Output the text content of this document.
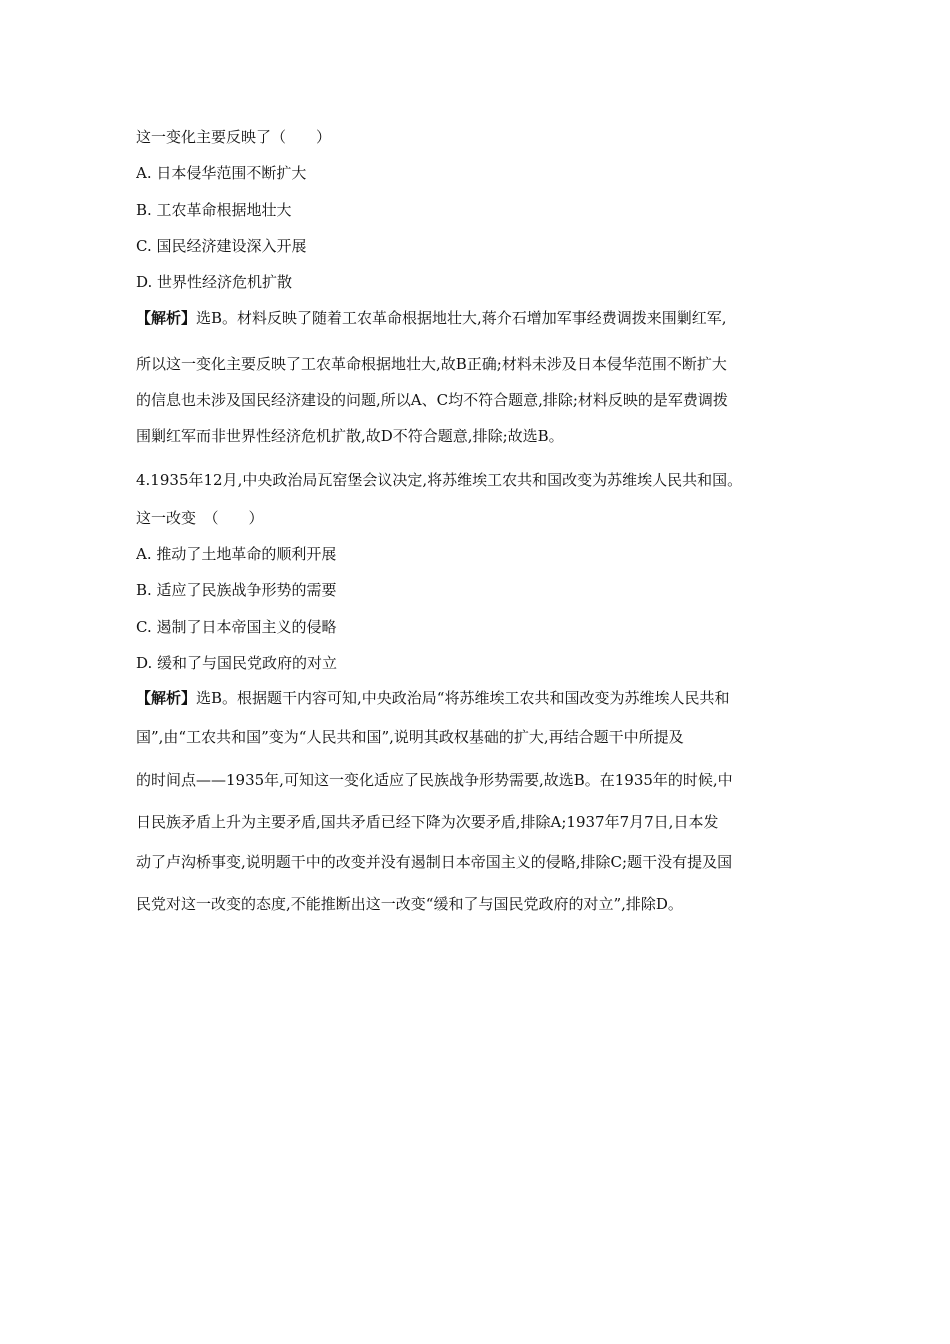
这一变化主要反映了（　　）
A. 日本侵华范围不断扩大
B. 工农革命根据地壮大
C. 国民经济建设深入开展
D. 世界性经济危机扩散
【解析】选B。材料反映了随着工农革命根据地壮大,蒋介石增加军事经费调拨来围剿红军,
所以这一变化主要反映了工农革命根据地壮大,故B正确;材料未涉及日本侵华范围不断扩大
的信息也未涉及国民经济建设的问题,所以A、C均不符合题意,排除;材料反映的是军费调拨
围剿红军而非世界性经济危机扩散,故D不符合题意,排除;故选B。
4.1935年12月,中央政治局瓦窑堡会议决定,将苏维埃工农共和国改变为苏维埃人民共和国。
这一改变　（　　）
A. 推动了土地革命的顺利开展
B. 适应了民族战争形势的需要
C. 遏制了日本帝国主义的侵略
D. 缓和了与国民党政府的对立
【解析】选B。根据题干内容可知,中央政治局“将苏维埃工农共和国改变为苏维埃人民共和
国”,由“工农共和国”变为“人民共和国”,说明其政权基础的扩大,再结合题干中所提及
的时间点——1935年,可知这一变化适应了民族战争形势需要,故选B。在1935年的时候,中
日民族矛盾上升为主要矛盾,国共矛盾已经下降为次要矛盾,排除A;1937年7月7日,日本发
动了卢沟桥事变,说明题干中的改变并没有遏制日本帝国主义的侵略,排除C;题干没有提及国
民党对这一改变的态度,不能推断出这一改变“缓和了与国民党政府的对立”,排除D。
